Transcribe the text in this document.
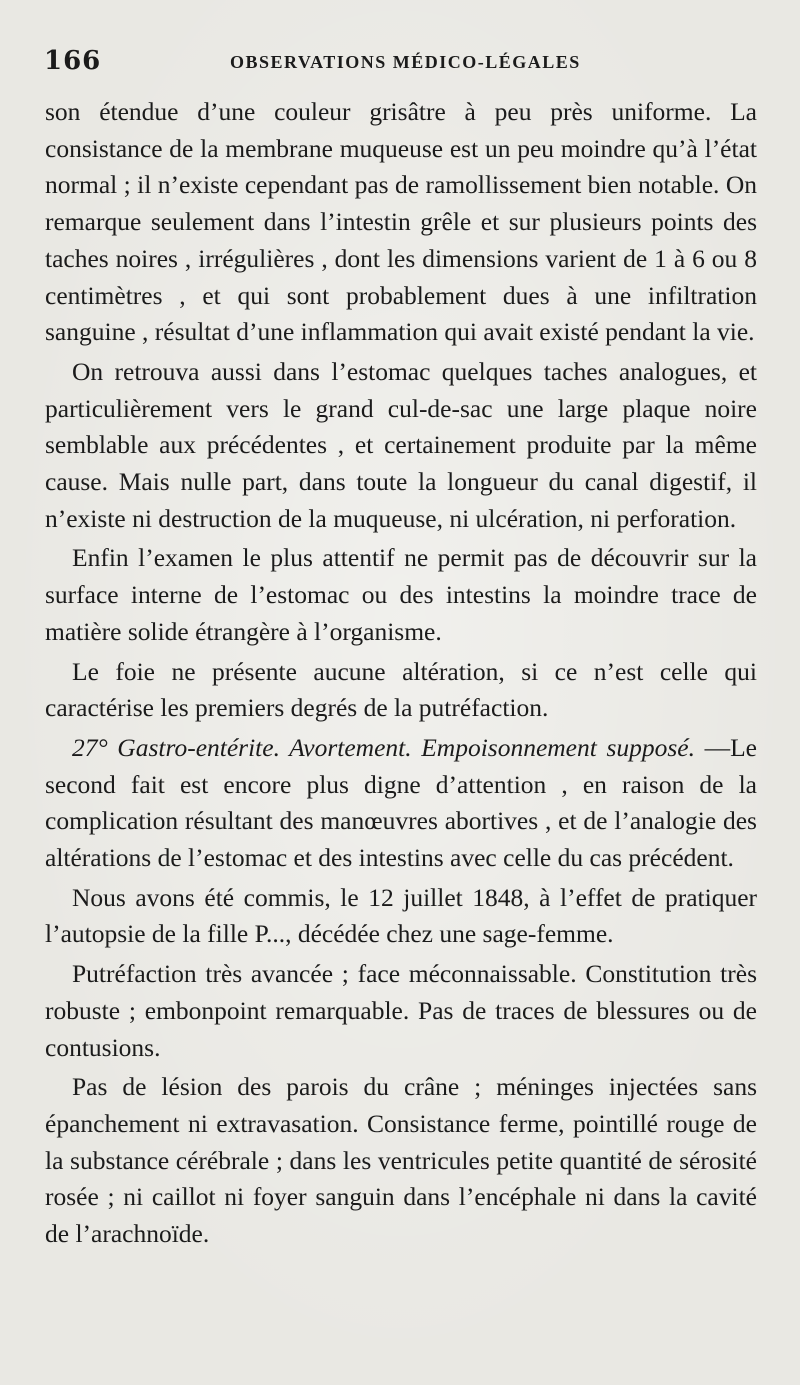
166	OBSERVATIONS MÉDICO-LÉGALES

son étendue d’une couleur grisâtre à peu près uniforme. La consistance de la membrane muqueuse est un peu moindre qu’à l’état normal ; il n’existe cependant pas de ramollissement bien notable. On remarque seulement dans l’intestin grêle et sur plusieurs points des taches noires , irrégulières , dont les dimensions varient de 1 à 6 ou 8 centimètres , et qui sont probablement dues à une infiltration sanguine , résultat d’une inflammation qui avait existé pendant la vie.

On retrouva aussi dans l’estomac quelques taches analogues, et particulièrement vers le grand cul-de-sac une large plaque noire semblable aux précédentes , et certainement produite par la même cause. Mais nulle part, dans toute la longueur du canal digestif, il n’existe ni destruction de la muqueuse, ni ulcération, ni perforation.

Enfin l’examen le plus attentif ne permit pas de découvrir sur la surface interne de l’estomac ou des intestins la moindre trace de matière solide étrangère à l’organisme.

Le foie ne présente aucune altération, si ce n’est celle qui caractérise les premiers degrés de la putréfaction.

27° Gastro-entérite. Avortement. Empoisonnement supposé. —Le second fait est encore plus digne d’attention , en raison de la complication résultant des manœuvres abortives , et de l’analogie des altérations de l’estomac et des intestins avec celle du cas précédent.

Nous avons été commis, le 12 juillet 1848, à l’effet de pratiquer l’autopsie de la fille P..., décédée chez une sage-femme.

Putréfaction très avancée ; face méconnaissable. Constitution très robuste ; embonpoint remarquable. Pas de traces de blessures ou de contusions.

Pas de lésion des parois du crâne ; méninges injectées sans épanchement ni extravasation. Consistance ferme, pointillé rouge de la substance cérébrale ; dans les ventricules petite quantité de sérosité rosée ; ni caillot ni foyer sanguin dans l’encéphale ni dans la cavité de l’arachnoïde.
